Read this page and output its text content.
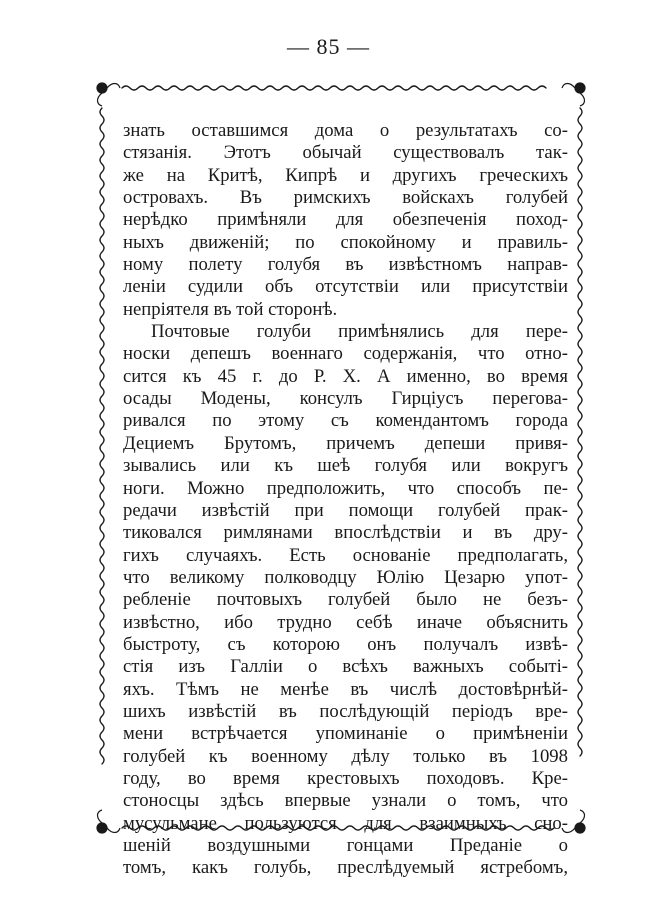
— 85 —
знать оставшимся дома о результатахъ со-
стязанія. Этотъ обычай существовалъ так-
же на Критѣ, Кипрѣ и другихъ греческихъ
островахъ. Въ римскихъ войскахъ голубей
нерѣдко примѣняли для обезпеченія поход-
ныхъ движеній; по спокойному и правиль-
ному полету голубя въ извѣстномъ направ-
леніи судили объ отсутствіи или присутствіи
непріятеля въ той сторонѣ.
Почтовые голуби примѣнялись для пере-
носки депешъ военнаго содержанія, что отно-
сится къ 45 г. до Р. Х. А именно, во время
осады Модены, консулъ Гирціусъ перегова-
ривался по этому съ комендантомъ города
Дециемъ Брутомъ, причемъ депеши привя-
зывались или къ шеѣ голубя или вокругъ
ноги. Можно предположить, что способъ пе-
редачи извѣстій при помощи голубей прак-
тиковался римлянами впослѣдствіи и въ дру-
гихъ случаяхъ. Есть основаніе предполагать,
что великому полководцу Юлію Цезарю упот-
ребленіе почтовыхъ голубей было не безъ-
извѣстно, ибо трудно себѣ иначе объяснить
быстроту, съ которою онъ получалъ извѣ-
стія изъ Галліи о всѣхъ важныхъ событі-
яхъ. Тѣмъ не менѣе въ числѣ достовѣрнѣй-
шихъ извѣстій въ послѣдующій періодъ вре-
мени встрѣчается упоминаніе о примѣненіи
голубей къ военному дѣлу только въ 1098
году, во время крестовыхъ походовъ. Кре-
стоносцы здѣсь впервые узнали о томъ, что
мусульмане пользуются для взаимныхъ сно-
шеній воздушными гонцами Преданіе о
томъ, какъ голубь, преслѣдуемый ястребомъ,
